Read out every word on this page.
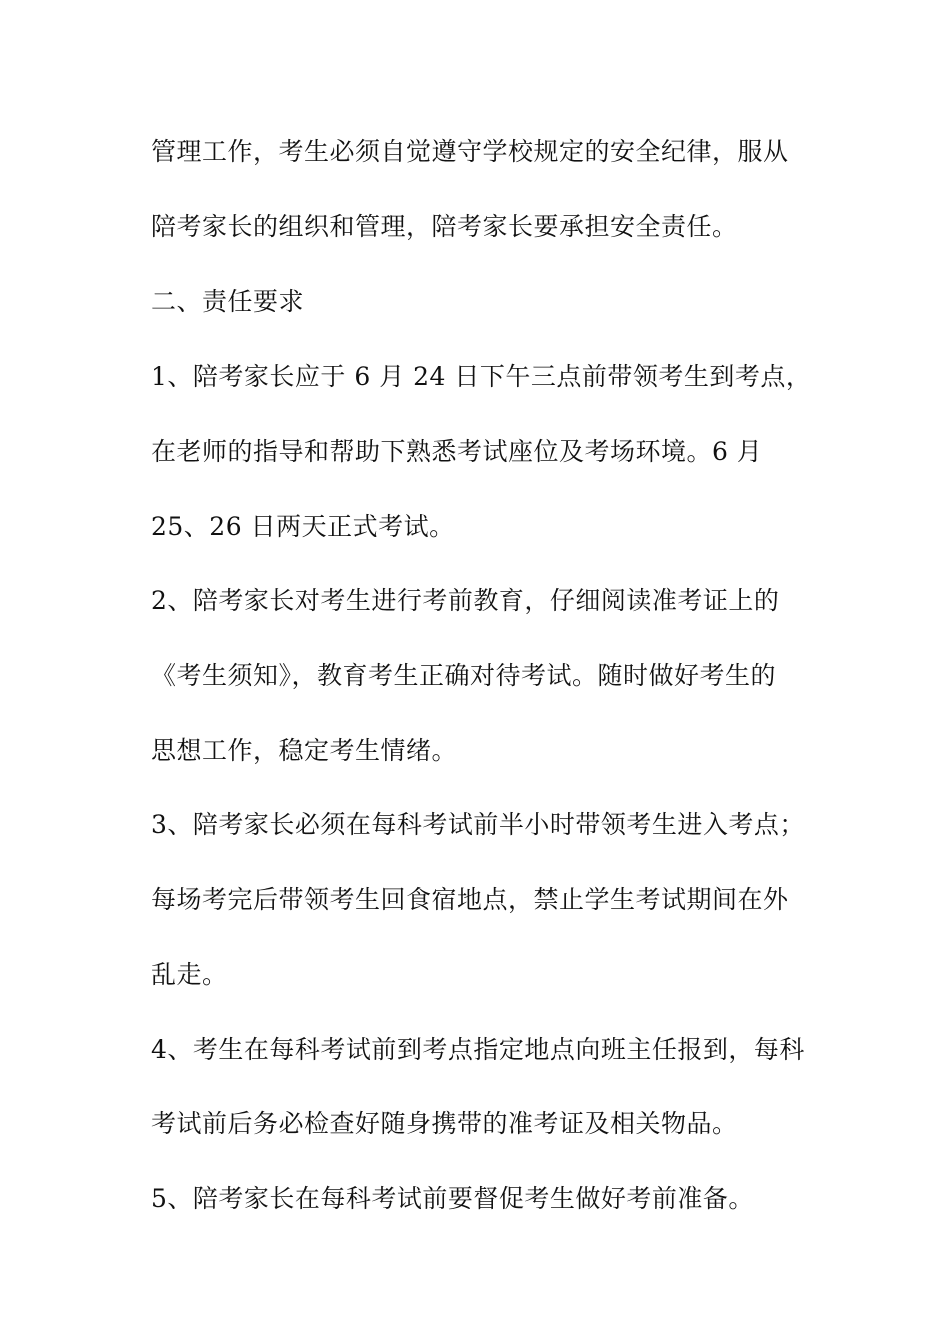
管理工作，考生必须自觉遵守学校规定的安全纪律，服从
陪考家长的组织和管理，陪考家长要承担安全责任。
二、责任要求
1、陪考家长应于 6 月 24 日下午三点前带领考生到考点，
在老师的指导和帮助下熟悉考试座位及考场环境。6 月
25、26 日两天正式考试。
2、陪考家长对考生进行考前教育，仔细阅读准考证上的
《考生须知》，教育考生正确对待考试。随时做好考生的
思想工作，稳定考生情绪。
3、陪考家长必须在每科考试前半小时带领考生进入考点；
每场考完后带领考生回食宿地点，禁止学生考试期间在外
乱走。
4、考生在每科考试前到考点指定地点向班主任报到，每科
考试前后务必检查好随身携带的准考证及相关物品。
5、陪考家长在每科考试前要督促考生做好考前准备。
